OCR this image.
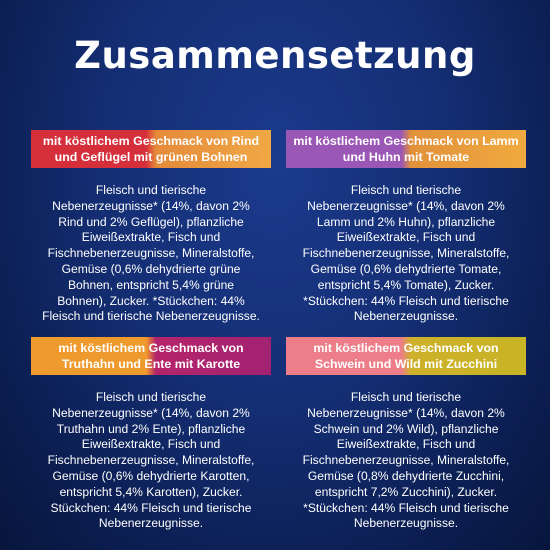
Zusammensetzung
mit köstlichem Geschmack von Rind
und Geflügel mit grünen Bohnen
Fleisch und tierische
Nebenerzeugnisse* (14%, davon 2%
Rind und 2% Geflügel), pflanzliche
Eiweißextrakte, Fisch und
Fischnebenerzeugnisse, Mineralstoffe,
Gemüse (0,6% dehydrierte grüne
Bohnen, entspricht 5,4% grüne
Bohnen), Zucker. *Stückchen: 44%
Fleisch und tierische Nebenerzeugnisse.
mit köstlichem Geschmack von Lamm
und Huhn mit Tomate
Fleisch und tierische
Nebenerzeugnisse* (14%, davon 2%
Lamm und 2% Huhn), pflanzliche
Eiweißextrakte, Fisch und
Fischnebenerzeugnisse, Mineralstoffe,
Gemüse (0,6% dehydrierte Tomate,
entspricht 5,4% Tomate), Zucker.
*Stückchen: 44% Fleisch und tierische
Nebenerzeugnisse.
mit köstlichem Geschmack von
Truthahn und Ente mit Karotte
Fleisch und tierische
Nebenerzeugnisse* (14%, davon 2%
Truthahn und 2% Ente), pflanzliche
Eiweißextrakte, Fisch und
Fischnebenerzeugnisse, Mineralstoffe,
Gemüse (0,6% dehydrierte Karotten,
entspricht 5,4% Karotten), Zucker.
Stückchen: 44% Fleisch und tierische
Nebenerzeugnisse.
mit köstlichem Geschmack von
Schwein und Wild mit Zucchini
Fleisch und tierische
Nebenerzeugnisse* (14%, davon 2%
Schwein und 2% Wild), pflanzliche
Eiweißextrakte, Fisch und
Fischnebenerzeugnisse, Mineralstoffe,
Gemüse (0,8% dehydrierte Zucchini,
entspricht 7,2% Zucchini), Zucker.
*Stückchen: 44% Fleisch und tierische
Nebenerzeugnisse.
